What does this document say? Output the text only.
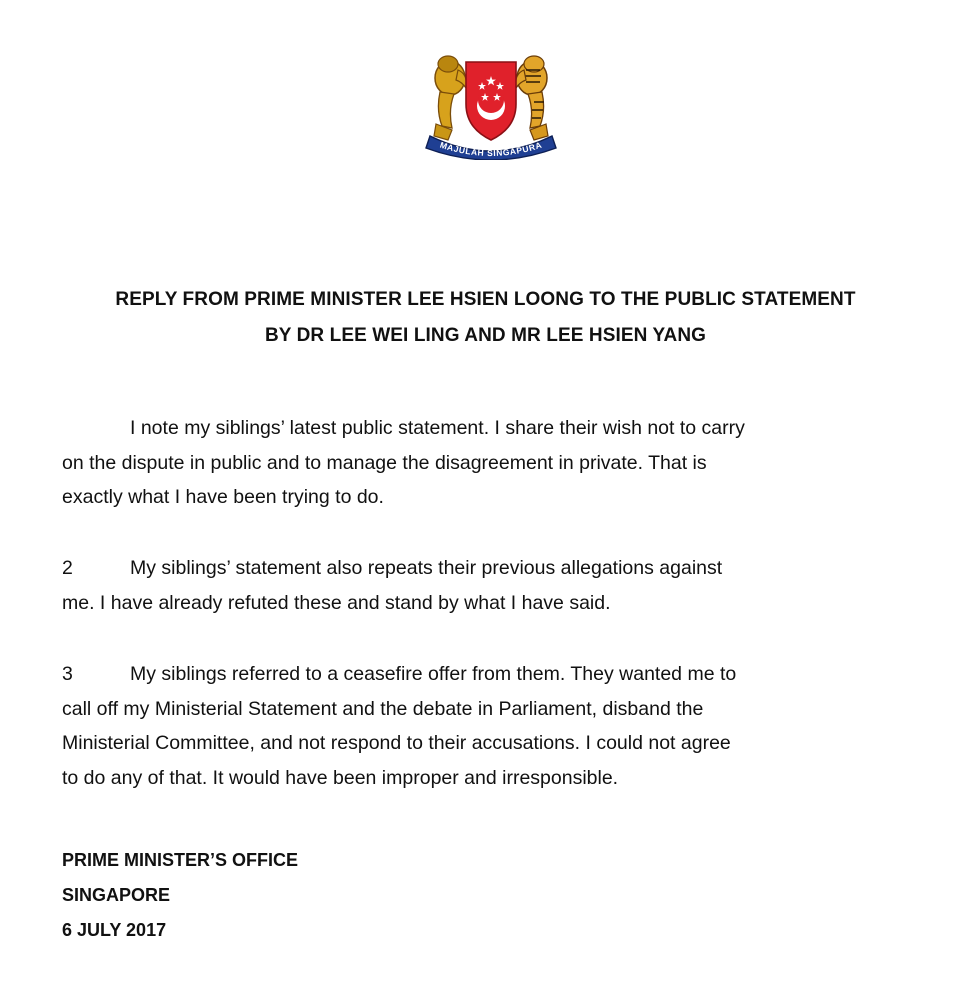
MAJULAH SINGAPURA
REPLY FROM PRIME MINISTER LEE HSIEN LOONG TO THE PUBLIC STATEMENT
BY DR LEE WEI LING AND MR LEE HSIEN YANG
I note my siblings’ latest public statement. I share their wish not to carry
on the dispute in public and to manage the disagreement in private. That is
exactly what I have been trying to do.
2	My siblings’ statement also repeats their previous allegations against
me. I have already refuted these and stand by what I have said.
3	My siblings referred to a ceasefire offer from them. They wanted me to
call off my Ministerial Statement and the debate in Parliament, disband the
Ministerial Committee, and not respond to their accusations. I could not agree
to do any of that. It would have been improper and irresponsible.
PRIME MINISTER’S OFFICE
SINGAPORE
6 JULY 2017
